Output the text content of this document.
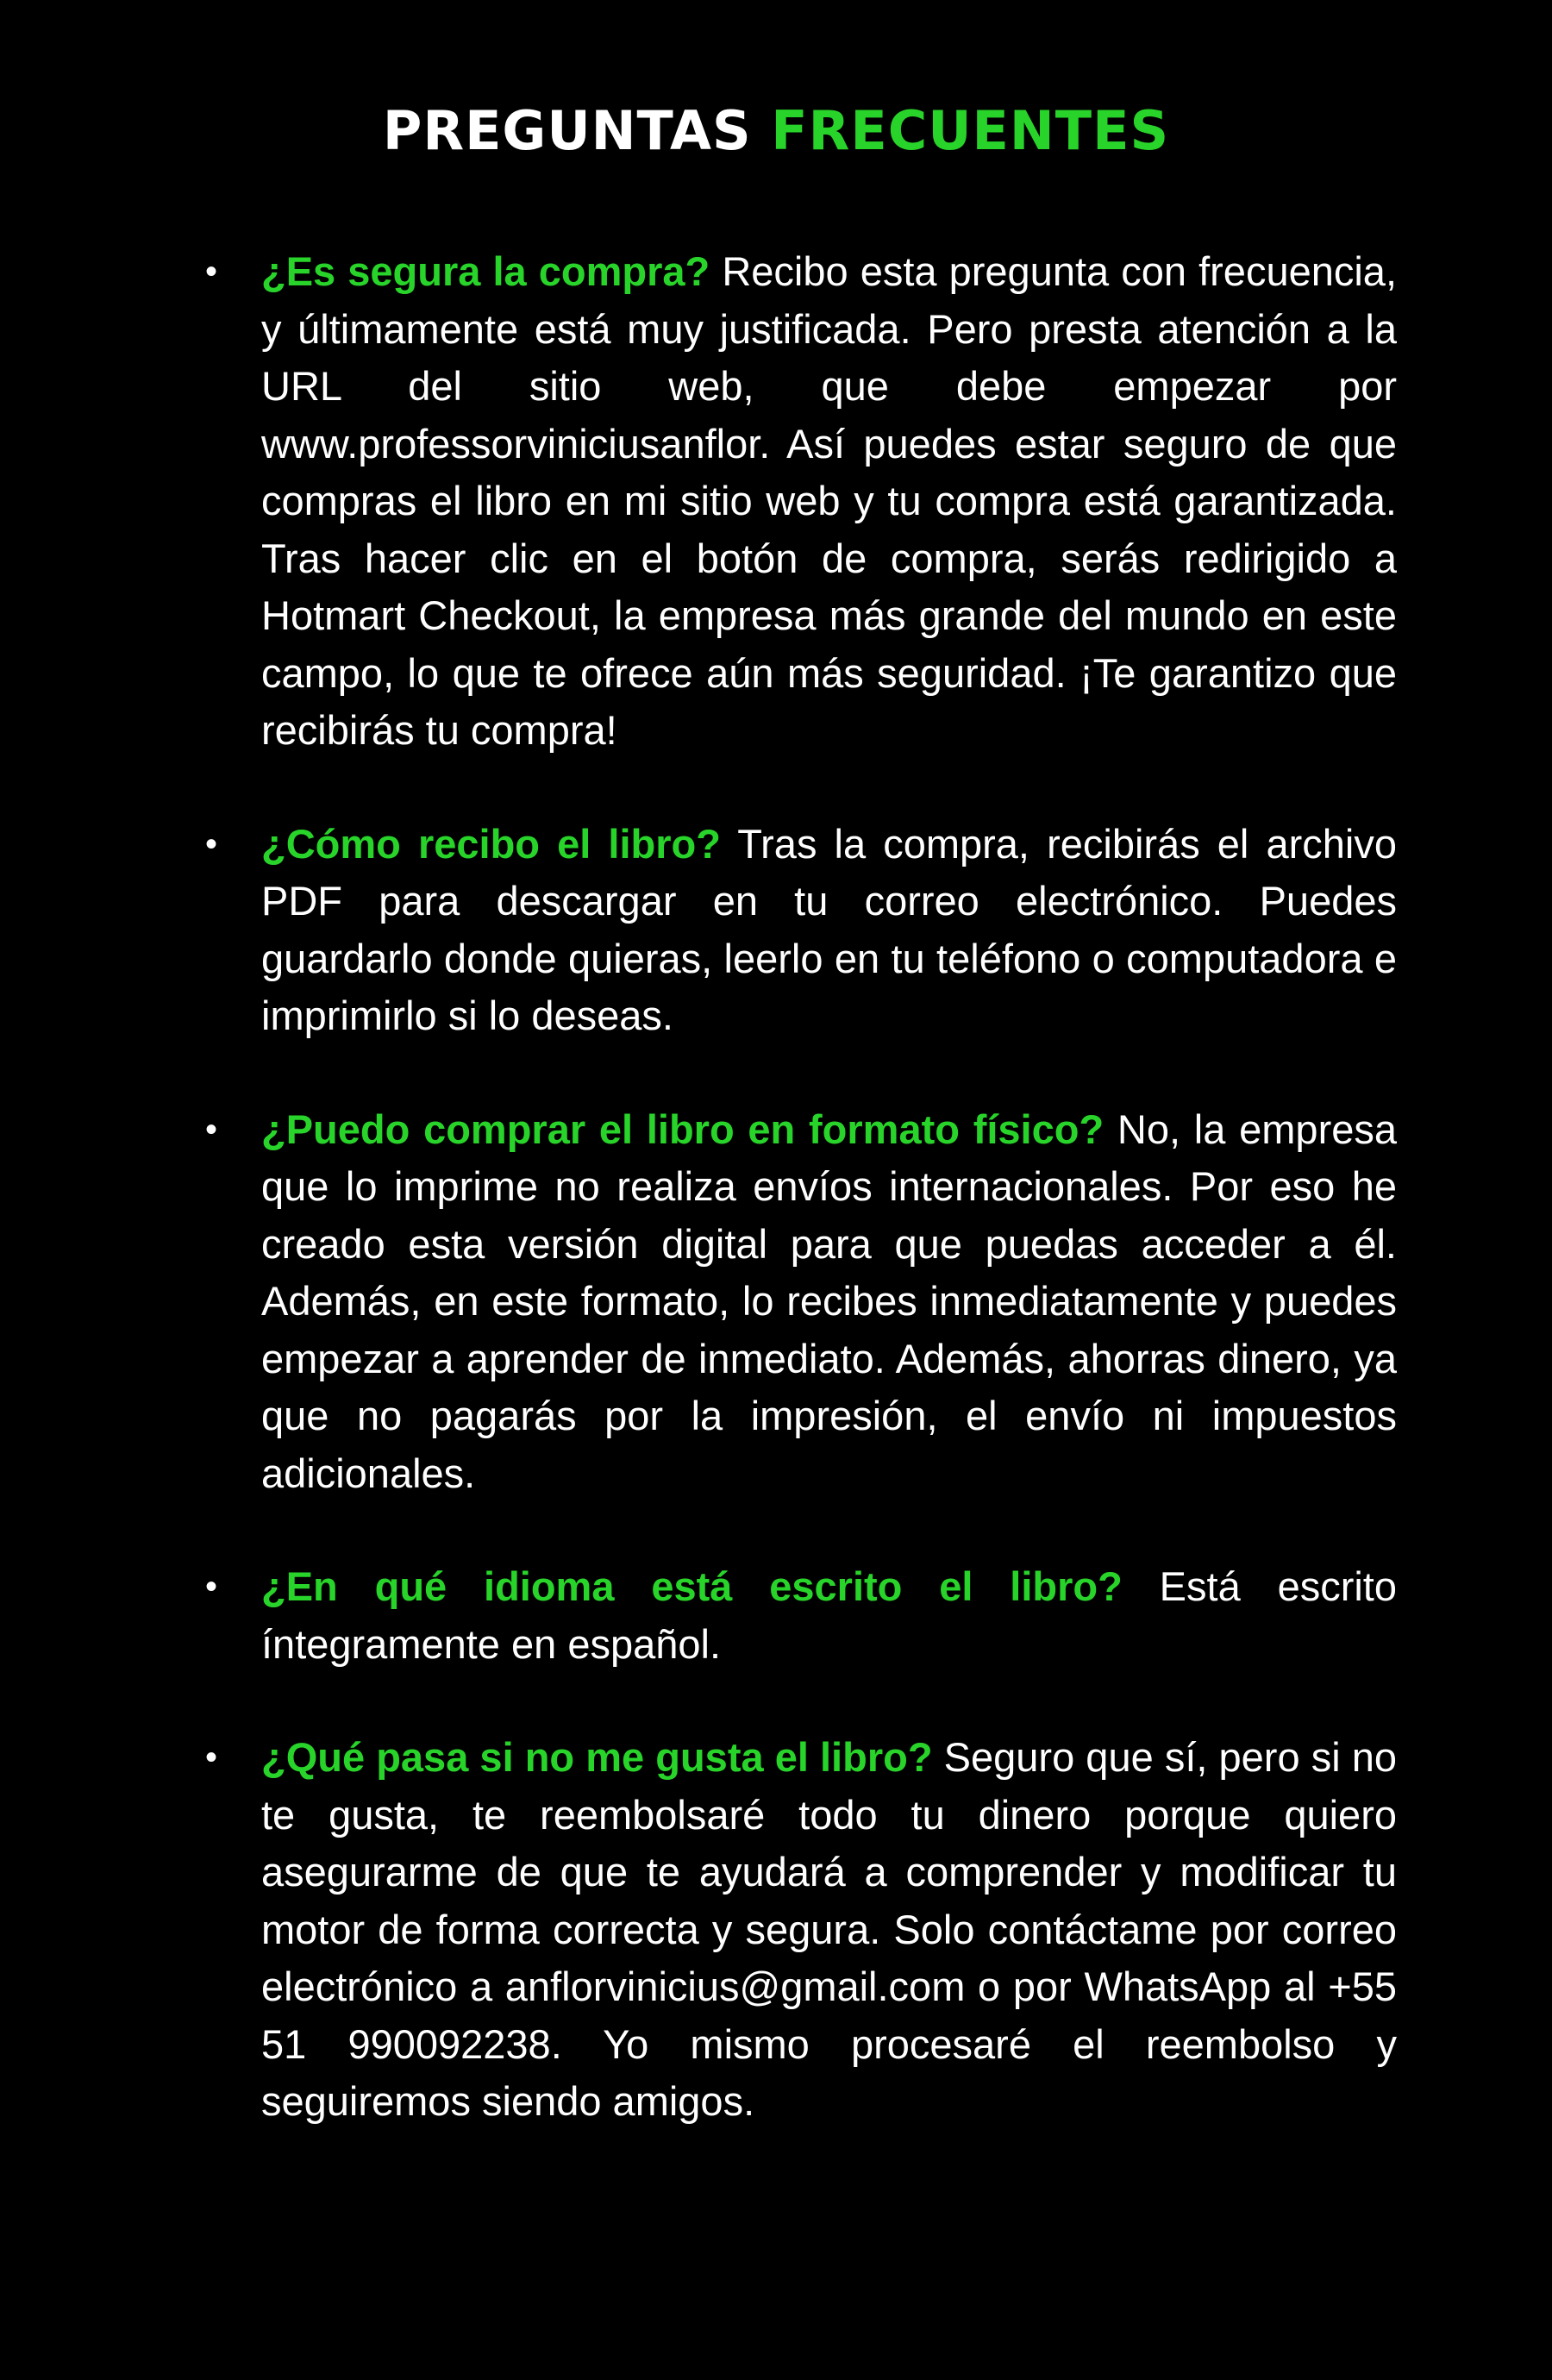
PREGUNTAS FRECUENTES
• ¿Es segura la compra? Recibo esta pregunta con frecuencia, y últimamente está muy justificada. Pero presta atención a la URL del sitio web, que debe empezar por www.professorviniciusanflor. Así puedes estar seguro de que compras el libro en mi sitio web y tu compra está garantizada. Tras hacer clic en el botón de compra, serás redirigido a Hotmart Checkout, la empresa más grande del mundo en este campo, lo que te ofrece aún más seguridad. ¡Te garantizo que recibirás tu compra!
• ¿Cómo recibo el libro? Tras la compra, recibirás el archivo PDF para descargar en tu correo electrónico. Puedes guardarlo donde quieras, leerlo en tu teléfono o computadora e imprimirlo si lo deseas.
• ¿Puedo comprar el libro en formato físico? No, la empresa que lo imprime no realiza envíos internacionales. Por eso he creado esta versión digital para que puedas acceder a él. Además, en este formato, lo recibes inmediatamente y puedes empezar a aprender de inmediato. Además, ahorras dinero, ya que no pagarás por la impresión, el envío ni impuestos adicionales.
• ¿En qué idioma está escrito el libro? Está escrito íntegramente en español.
• ¿Qué pasa si no me gusta el libro? Seguro que sí, pero si no te gusta, te reembolsaré todo tu dinero porque quiero asegurarme de que te ayudará a comprender y modificar tu motor de forma correcta y segura. Solo contáctame por correo electrónico a anflorvinicius@gmail.com o por WhatsApp al +55 51 990092238. Yo mismo procesaré el reembolso y seguiremos siendo amigos.
